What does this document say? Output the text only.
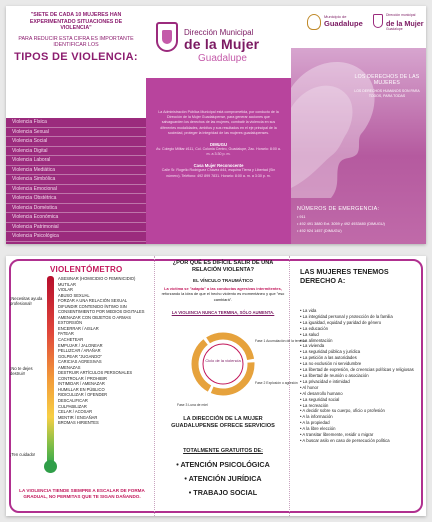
"SIETE DE CADA 10 MUJERES HAN EXPERIMENTADO SITUACIONES DE VIOLENCIA"
PARA REDUCIR ESTA CIFRA ES IMPORTANTE IDENTIFICAR LOS
TIPOS DE VIOLENCIA:
Violencia Física
Violencia Sexual
Violencia Social
Violencia Digital
Violencia Laboral
Violencia Mediática
Violencia Simbólica
Violencia Emocional
Violencia Obstétrica
Violencia Doméstica
Violencia Económica
Violencia Patrimonial
Violencia Psicológica
Dirección Municipal
de la Mujer
Guadalupe
La Administración Pública Municipal está comprometida, por conducto de la Dirección de la Mujer Guadalupense, para generar acciones que salvaguarden los derechos de las mujeres, combatir la violencia en sus diferentes modalidades, ámbitos y sus resultados en el eje principal de la sociedad, proteger la integridad de las mujeres guadalupenses.
DIMUGU
Av. Colegio Militar #111, Col. Colonia Centro, Guadalupe, Zac. Horario: 8:00 a. m. a 3:30 p. m.
Casa Mujer Reconocente
Calle Sr. Rogelio Rodríguez Chávez #44, esquina Tierra y Libertad (Sin número). Teléfono: 492 899 7831. Horario: 8:00 a. m. a 3:30 p. m.
Municipio de
Guadalupe
Dirección municipal
de la Mujer
Guadalupe
LOS DERECHOS DE LAS MUJERES
LOS DERECHOS HUMANOS SON PARA TODOS, PARA TODAS
NÚMEROS DE EMERGENCIA:
• 911
• 492 491 3880 Ext. 3059 y 492 4933480 (DIMUGU)
• 492 924 1457 (DIMUGU)
VIOLENTÓMETRO
¡Necesitas ayuda profesional!
¡No te dejes destruir!
¡Ten cuidado!
ASESINAR (HOMICIDIO O FEMINICIDIO)
MUTILAR
VIOLAR
ABUSO SEXUAL
FORZAR A UNA RELACIÓN SEXUAL
DIFUNDIR CONTENIDO ÍNTIMO SIN CONSENTIMIENTO POR MEDIOS DIGITALES
AMENAZAR CON OBJETOS O ARMAS
EXTORSIÓN
ENCERRAR / AISLAR
PATEAR
CACHETEAR
EMPUJAR / JALONEAR
PELLIZCAR / ARAÑAR
GOLPEAR "JUGANDO"
CARICIAS AGRESIVAS
AMENAZAS
DESTRUIR ARTÍCULOS PERSONALES
CONTROLAR / PROHIBIR
INTIMIDAR / AMENAZAR
HUMILLAR EN PÚBLICO
RIDICULIZAR / OFENDER
DESCALIFICAR
CULPABILIZAR
CELAR / ACOSAR
MENTIR / ENGAÑAR
BROMAS HIRIENTES
LA VIOLENCIA TIENDE SIEMPRE A ESCALAR DE FORMA GRADUAL, NO PERMITAS QUE TE SIGAN DAÑANDO.
¿POR QUÉ ES DIFÍCIL SALIR DE UNA RELACIÓN VIOLENTA?
EL VÍNCULO TRAUMÁTICO
La víctima se "adapta" a las conductas agresivas intermitentes, reforzando la idea de que el hecho violento es momentáneo y que "eso cambiará".
LA VIOLENCIA NUNCA TERMINA, SÓLO AUMENTA.
Ciclo de la violencia
Fase 1 Acumulación de la tensión
Fase 2 Explosión o agresión
Fase 3 Luna de miel
LA DIRECCIÓN DE LA MUJER GUADALUPENSE OFRECE SERVICIOS
TOTALMENTE GRATUITOS DE:
• ATENCIÓN PSICOLÓGICA
• ATENCIÓN JURÍDICA
• TRABAJO SOCIAL
LAS MUJERES TENEMOS DERECHO A:
• La vida
• La integridad personal y protección de la familia
• La igualdad, equidad y paridad de género
• La educación
• La salud
• La alimentación
• La vivienda
• La seguridad pública y jurídica
• La petición a las autoridades
• La no exclusión ni servidumbre
• La libertad de expresión, de creencias políticas y religiosas
• La libertad de reunión o asociación
• La privacidad e intimidad
• Al honor
• Al desarrollo humano
• La seguridad social
• La recreación
• A decidir sobre su cuerpo, oficio o profesión
• A la información
• A la propiedad
• A la libre elección
• A transitar libremente, residir o migrar
• A buscar asilo en caso de persecución política
